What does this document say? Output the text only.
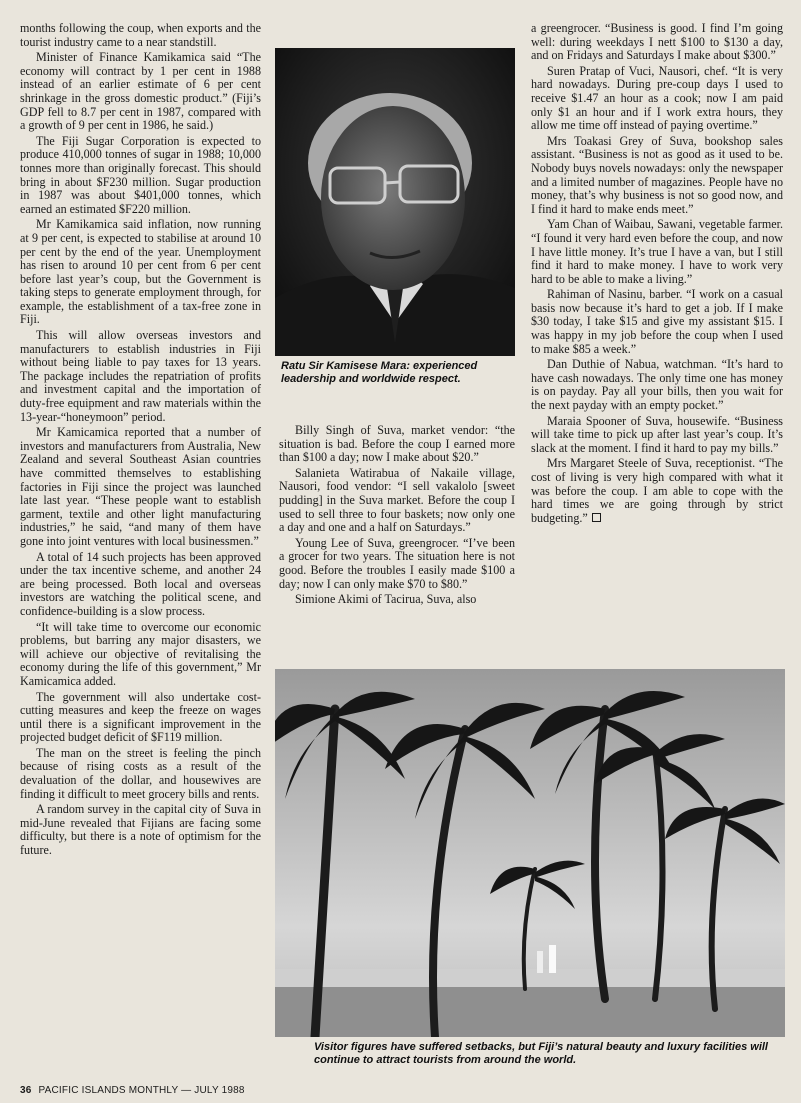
months following the coup, when exports and the tourist industry came to a near standstill.

Minister of Finance Kamikamica said “The economy will contract by 1 per cent in 1988 instead of an earlier estimate of 6 per cent shrinkage in the gross domestic product.” (Fiji’s GDP fell to 8.7 per cent in 1987, compared with a growth of 9 per cent in 1986, he said.)

The Fiji Sugar Corporation is expected to produce 410,000 tonnes of sugar in 1988; 10,000 tonnes more than originally forecast. This should bring in about $F230 million. Sugar production in 1987 was about $401,000 tonnes, which earned an estimated $F220 million.

Mr Kamikamica said inflation, now running at 9 per cent, is expected to stabilise at around 10 per cent by the end of the year. Unemployment has risen to around 10 per cent from 6 per cent before last year’s coup, but the Government is taking steps to generate employment through, for example, the establishment of a tax-free zone in Fiji.

This will allow overseas investors and manufacturers to establish industries in Fiji without being liable to pay taxes for 13 years. The package includes the repatriation of profits and investment capital and the importation of duty-free equipment and raw materials within the 13-year-“honeymoon” period.

Mr Kamicamica reported that a number of investors and manufacturers from Australia, New Zealand and several Southeast Asian countries have committed themselves to establishing factories in Fiji since the project was launched late last year. “These people want to establish garment, textile and other light manufacturing industries,” he said, “and many of them have gone into joint ventures with local businessmen.”

A total of 14 such projects has been approved under the tax incentive scheme, and another 24 are being processed. Both local and overseas investors are watching the political scene, and confidence-building is a slow process.

“It will take time to overcome our economic problems, but barring any major disasters, we will achieve our objective of revitalising the economy during the life of this government,” Mr Kamicamica added.

The government will also undertake cost-cutting measures and keep the freeze on wages until there is a significant improvement in the projected budget deficit of $F119 million.

The man on the street is feeling the pinch because of rising costs as a result of the devaluation of the dollar, and housewives are finding it difficult to meet grocery bills and rents.

A random survey in the capital city of Suva in mid-June revealed that Fijians are facing some difficulty, but there is a note of optimism for the future.

Ratu Sir Kamisese Mara: experienced leadership and worldwide respect.

Billy Singh of Suva, market vendor: “the situation is bad. Before the coup I earned more than $100 a day; now I make about $20.”

Salanieta Watirabua of Nakaile village, Nausori, food vendor: “I sell vakalolo [sweet pudding] in the Suva market. Before the coup I used to sell three to four baskets; now only one a day and one and a half on Saturdays.”

Young Lee of Suva, greengrocer. “I’ve been a grocer for two years. The situation here is not good. Before the troubles I easily made $100 a day; now I can only make $70 to $80.”

Simione Akimi of Tacirua, Suva, also

a greengrocer. “Business is good. I find I’m going well: during weekdays I nett $100 to $130 a day, and on Fridays and Saturdays I make about $300.”

Suren Pratap of Vuci, Nausori, chef. “It is very hard nowadays. During pre-coup days I used to receive $1.47 an hour as a cook; now I am paid only $1 an hour and if I work extra hours, they allow me time off instead of paying overtime.”

Mrs Toakasi Grey of Suva, bookshop sales assistant. “Business is not as good as it used to be. Nobody buys novels nowadays: only the newspaper and a limited number of magazines. People have no money, that’s why business is not so good now, and I find it hard to make ends meet.”

Yam Chan of Waibau, Sawani, vegetable farmer. “I found it very hard even before the coup, and now I have little money. It’s true I have a van, but I still find it hard to make money. I have to work very hard to be able to make a living.”

Rahiman of Nasinu, barber. “I work on a casual basis now because it’s hard to get a job. If I make $30 today, I take $15 and give my assistant $15. I was happy in my job before the coup when I used to make $85 a week.”

Dan Duthie of Nabua, watchman. “It’s hard to have cash nowadays. The only time one has money is on payday. Pay all your bills, then you wait for the next payday with an empty pocket.”

Maraia Spooner of Suva, housewife. “Business will take time to pick up after last year’s coup. It’s slack at the moment. I find it hard to pay my bills.”

Mrs Margaret Steele of Suva, receptionist. “The cost of living is very high compared with what it was before the coup. I am able to cope with the hard times we are going through by strict budgeting.”

Visitor figures have suffered setbacks, but Fiji’s natural beauty and luxury facilities will continue to attract tourists from around the world.
36 PACIFIC ISLANDS MONTHLY — JULY 1988
